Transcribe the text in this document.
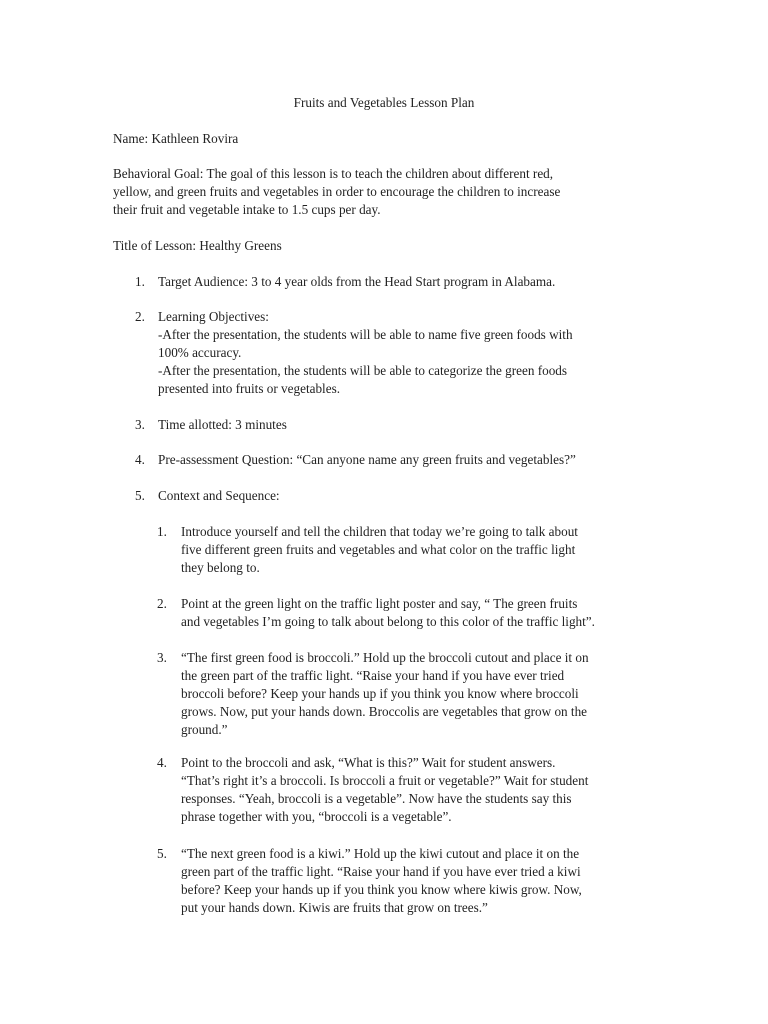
Fruits and Vegetables Lesson Plan
Name: Kathleen Rovira
Behavioral Goal: The goal of this lesson is to teach the children about different red,
yellow, and green fruits and vegetables in order to encourage the children to increase
their fruit and vegetable intake to 1.5 cups per day.
Title of Lesson: Healthy Greens
1. Target Audience: 3 to 4 year olds from the Head Start program in Alabama.
2. Learning Objectives:
-After the presentation, the students will be able to name five green foods with
100% accuracy.
-After the presentation, the students will be able to categorize the green foods
presented into fruits or vegetables.
3. Time allotted: 3 minutes
4. Pre-assessment Question: “Can anyone name any green fruits and vegetables?”
5. Context and Sequence:
1. Introduce yourself and tell the children that today we’re going to talk about
five different green fruits and vegetables and what color on the traffic light
they belong to.
2. Point at the green light on the traffic light poster and say, “ The green fruits
and vegetables I’m going to talk about belong to this color of the traffic light”.
3. “The first green food is broccoli.” Hold up the broccoli cutout and place it on
the green part of the traffic light. “Raise your hand if you have ever tried
broccoli before? Keep your hands up if you think you know where broccoli
grows. Now, put your hands down. Broccolis are vegetables that grow on the
ground.”
4. Point to the broccoli and ask, “What is this?” Wait for student answers.
“That’s right it’s a broccoli. Is broccoli a fruit or vegetable?” Wait for student
responses. “Yeah, broccoli is a vegetable”. Now have the students say this
phrase together with you, “broccoli is a vegetable”.
5. “The next green food is a kiwi.” Hold up the kiwi cutout and place it on the
green part of the traffic light. “Raise your hand if you have ever tried a kiwi
before? Keep your hands up if you think you know where kiwis grow. Now,
put your hands down. Kiwis are fruits that grow on trees.”
